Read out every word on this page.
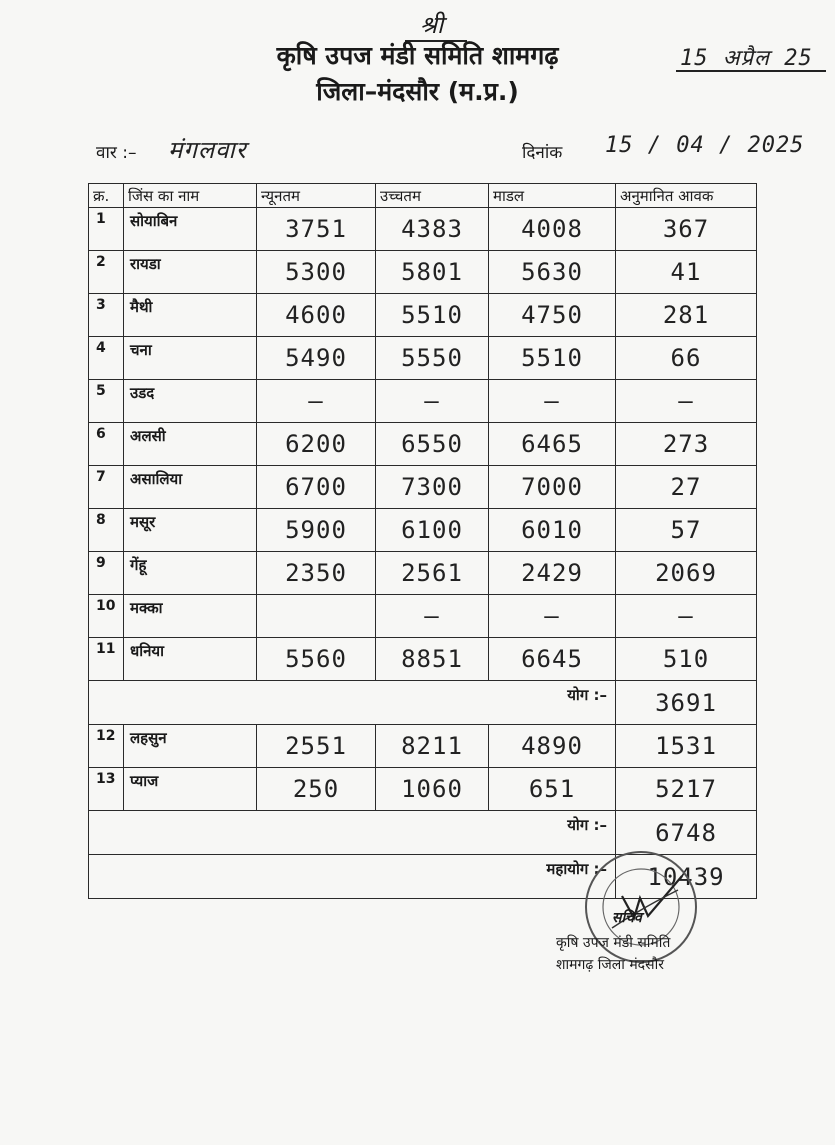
श्री
कृषि उपज मंडी समिति शामगढ़
जिला–मंदसौर (म.प्र.)
15 अप्रैल 25
वार :– मंगलवार	दिनांक 15 / 04 / 2025
क्र.	जिंस का नाम	न्यूनतम	उच्चतम	माडल	अनुमानित आवक
1	सोयाबिन	3751	4383	4008	367
2	रायडा	5300	5801	5630	41
3	मैथी	4600	5510	4750	281
4	चना	5490	5550	5510	66
5	उडद	–	–	–	–
6	अलसी	6200	6550	6465	273
7	असालिया	6700	7300	7000	27
8	मसूर	5900	6100	6010	57
9	गेंहू	2350	2561	2429	2069
10	मक्का		–	–	–
11	धनिया	5560	8851	6645	510
योग :–					3691
12	लहसुन	2551	8211	4890	1531
13	प्याज	250	1060	651	5217
योग :–					6748
महायोग :–					10439
सचिव
कृषि उपज मंडी समिति
शामगढ़ जिला मंदसौर
